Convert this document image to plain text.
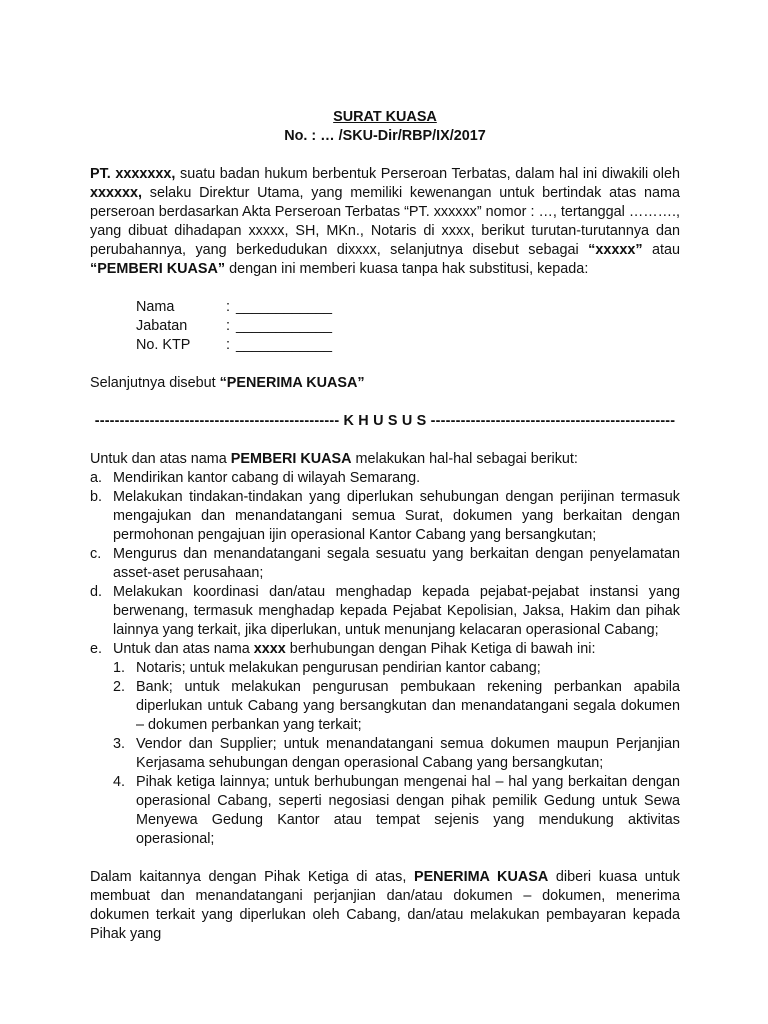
SURAT KUASA
No. : … /SKU-Dir/RBP/IX/2017
PT. xxxxxxx, suatu badan hukum berbentuk Perseroan Terbatas, dalam hal ini diwakili oleh xxxxxx, selaku Direktur Utama, yang memiliki kewenangan untuk bertindak atas nama perseroan berdasarkan Akta Perseroan Terbatas “PT. xxxxxx” nomor : …, tertanggal ………., yang dibuat dihadapan xxxxx, SH, MKn., Notaris di xxxx, berikut turutan-turutannya dan perubahannya, yang berkedudukan dixxxx, selanjutnya disebut sebagai “xxxxx” atau “PEMBERI KUASA” dengan ini memberi kuasa tanpa hak substitusi, kepada:
Nama	: ____________
Jabatan	: ____________
No. KTP	: ____________
Selanjutnya disebut “PENERIMA KUASA”
------------------------------------------------- K H U S U S -------------------------------------------------
Untuk dan atas nama PEMBERI KUASA melakukan hal-hal sebagai berikut:
a. Mendirikan kantor cabang di wilayah Semarang.
b. Melakukan tindakan-tindakan yang diperlukan sehubungan dengan perijinan termasuk mengajukan dan menandatangani semua Surat, dokumen yang berkaitan dengan permohonan pengajuan ijin operasional Kantor Cabang yang bersangkutan;
c. Mengurus dan menandatangani segala sesuatu yang berkaitan dengan penyelamatan asset-aset perusahaan;
d. Melakukan koordinasi dan/atau menghadap kepada pejabat-pejabat instansi yang berwenang, termasuk menghadap kepada Pejabat Kepolisian, Jaksa, Hakim dan pihak lainnya yang terkait, jika diperlukan, untuk menunjang kelacaran operasional Cabang;
e. Untuk dan atas nama xxxx berhubungan dengan Pihak Ketiga di bawah ini:
1. Notaris; untuk melakukan pengurusan pendirian kantor cabang;
2. Bank; untuk melakukan pengurusan pembukaan rekening perbankan apabila diperlukan untuk Cabang yang bersangkutan dan menandatangani segala dokumen – dokumen perbankan yang terkait;
3. Vendor dan Supplier; untuk menandatangani semua dokumen maupun Perjanjian Kerjasama sehubungan dengan operasional Cabang yang bersangkutan;
4. Pihak ketiga lainnya; untuk berhubungan mengenai hal – hal yang berkaitan dengan operasional Cabang, seperti negosiasi dengan pihak pemilik Gedung untuk Sewa Menyewa Gedung Kantor atau tempat sejenis yang mendukung aktivitas operasional;
Dalam kaitannya dengan Pihak Ketiga di atas, PENERIMA KUASA diberi kuasa untuk membuat dan menandatangani perjanjian dan/atau dokumen – dokumen, menerima dokumen terkait yang diperlukan oleh Cabang, dan/atau melakukan pembayaran kepada Pihak yang
